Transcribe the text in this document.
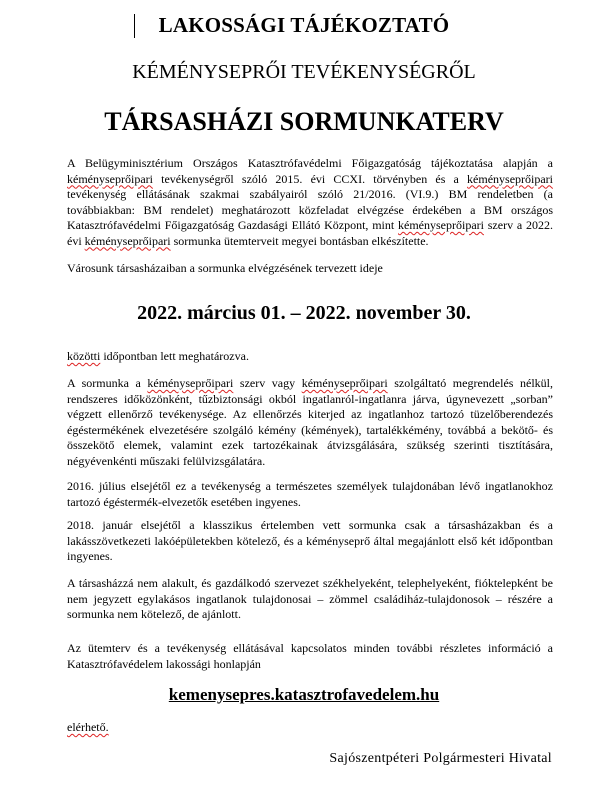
LAKOSSÁGI TÁJÉKOZTATÓ
KÉMÉNYSEPRŐI TEVÉKENYSÉGRŐL
TÁRSASHÁZI SORMUNKATERV
A Belügyminisztérium Országos Katasztrófavédelmi Főigazgatóság tájékoztatása alapján a kéményseprőipari tevékenységről szóló 2015. évi CCXI. törvényben és a kéményseprőipari tevékenység ellátásának szakmai szabályairól szóló 21/2016. (VI.9.) BM rendeletben (a továbbiakban: BM rendelet) meghatározott közfeladat elvégzése érdekében a BM országos Katasztrófavédelmi Főigazgatóság Gazdasági Ellátó Központ, mint kéményseprőipari szerv a 2022. évi kéményseprőipari sormunka ütemterveit megyei bontásban elkészítette.
Városunk társasházaiban a sormunka elvégzésének tervezett ideje
2022. március 01. – 2022. november 30.
közötti időpontban lett meghatározva.
A sormunka a kéményseprőipari szerv vagy kéményseprőipari szolgáltató megrendelés nélkül, rendszeres időközönként, tűzbiztonsági okból ingatlanról-ingatlanra járva, úgynevezett „sorban” végzett ellenőrző tevékenysége. Az ellenőrzés kiterjed az ingatlanhoz tartozó tüzelőberendezés égéstermékének elvezetésére szolgáló kémény (kémények), tartalékkémény, továbbá a bekötő- és összekötő elemek, valamint ezek tartozékainak átvizsgálására, szükség szerinti tisztítására, négyévenkénti műszaki felülvizsgálatára.
2016. július elsejétől ez a tevékenység a természetes személyek tulajdonában lévő ingatlanokhoz tartozó égéstermék-elvezetők esetében ingyenes.
2018. január elsejétől a klasszikus értelemben vett sormunka csak a társasházakban és a lakásszövetkezeti lakóépületekben kötelező, és a kéményseprő által megajánlott első két időpontban ingyenes.
A társasházzá nem alakult, és gazdálkodó szervezet székhelyeként, telephelyeként, fióktelepként be nem jegyzett egylakásos ingatlanok tulajdonosai – zömmel családiház-tulajdonosok – részére a sormunka nem kötelező, de ajánlott.
Az ütemterv és a tevékenység ellátásával kapcsolatos minden további részletes információ a Katasztrófavédelem lakossági honlapján
kemenysepres.katasztrofavedelem.hu
elérhető.
Sajószentpéteri Polgármesteri Hivatal
